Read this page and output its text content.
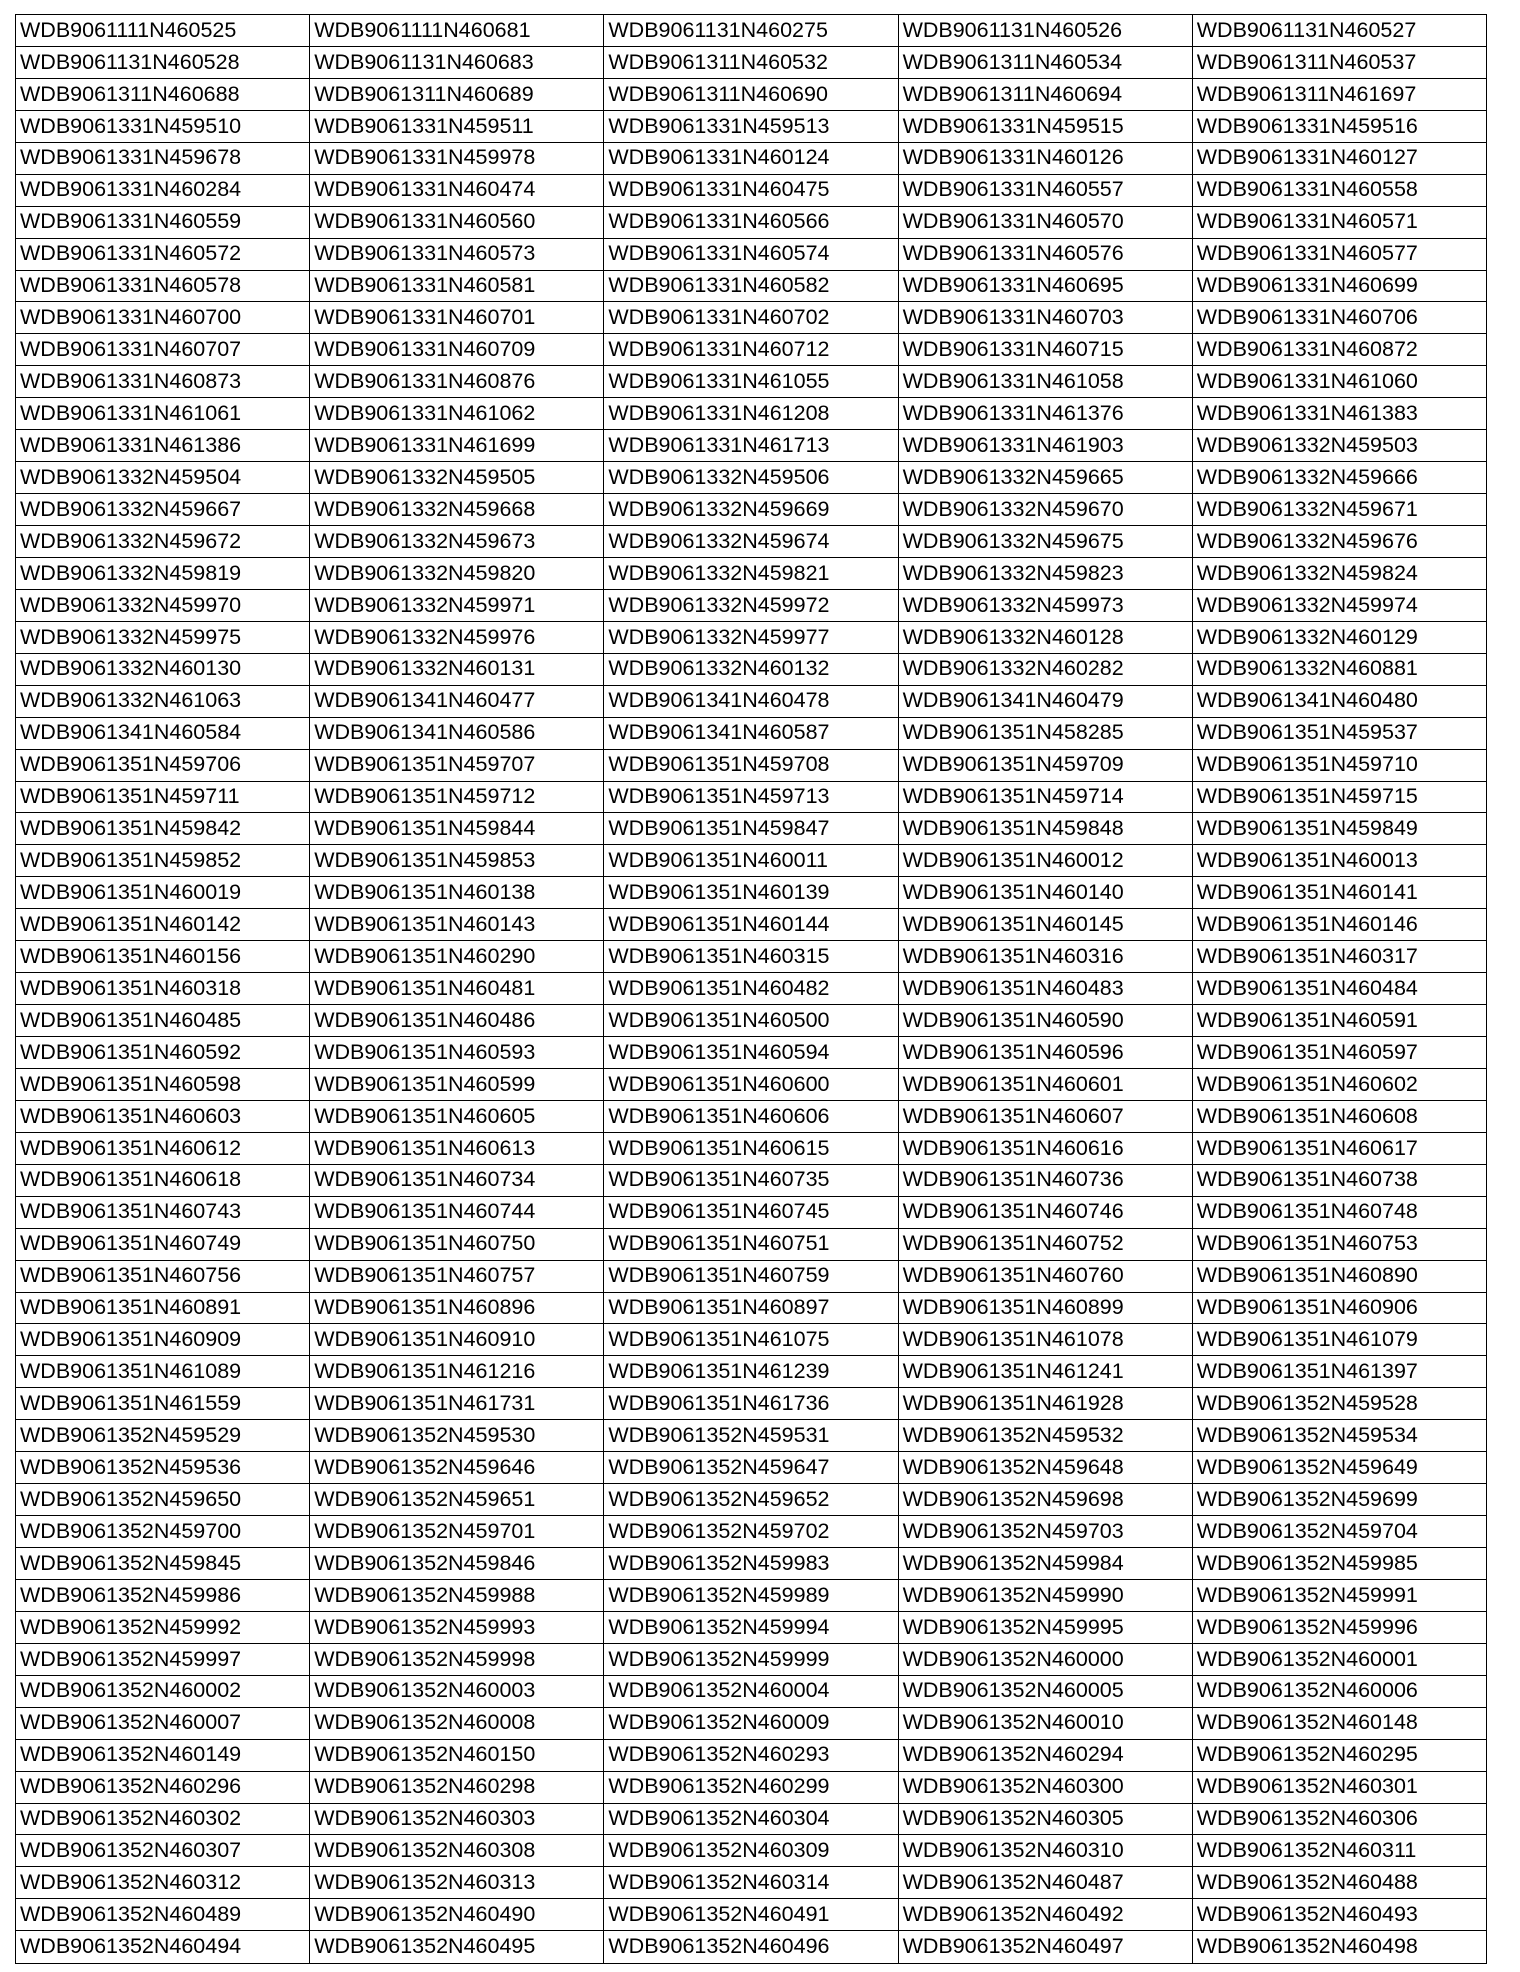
WDB9061111N460525	WDB9061111N460681	WDB9061131N460275	WDB9061131N460526	WDB9061131N460527
WDB9061131N460528	WDB9061131N460683	WDB9061311N460532	WDB9061311N460534	WDB9061311N460537
WDB9061311N460688	WDB9061311N460689	WDB9061311N460690	WDB9061311N460694	WDB9061311N461697
WDB9061331N459510	WDB9061331N459511	WDB9061331N459513	WDB9061331N459515	WDB9061331N459516
WDB9061331N459678	WDB9061331N459978	WDB9061331N460124	WDB9061331N460126	WDB9061331N460127
WDB9061331N460284	WDB9061331N460474	WDB9061331N460475	WDB9061331N460557	WDB9061331N460558
WDB9061331N460559	WDB9061331N460560	WDB9061331N460566	WDB9061331N460570	WDB9061331N460571
WDB9061331N460572	WDB9061331N460573	WDB9061331N460574	WDB9061331N460576	WDB9061331N460577
WDB9061331N460578	WDB9061331N460581	WDB9061331N460582	WDB9061331N460695	WDB9061331N460699
WDB9061331N460700	WDB9061331N460701	WDB9061331N460702	WDB9061331N460703	WDB9061331N460706
WDB9061331N460707	WDB9061331N460709	WDB9061331N460712	WDB9061331N460715	WDB9061331N460872
WDB9061331N460873	WDB9061331N460876	WDB9061331N461055	WDB9061331N461058	WDB9061331N461060
WDB9061331N461061	WDB9061331N461062	WDB9061331N461208	WDB9061331N461376	WDB9061331N461383
WDB9061331N461386	WDB9061331N461699	WDB9061331N461713	WDB9061331N461903	WDB9061332N459503
WDB9061332N459504	WDB9061332N459505	WDB9061332N459506	WDB9061332N459665	WDB9061332N459666
WDB9061332N459667	WDB9061332N459668	WDB9061332N459669	WDB9061332N459670	WDB9061332N459671
WDB9061332N459672	WDB9061332N459673	WDB9061332N459674	WDB9061332N459675	WDB9061332N459676
WDB9061332N459819	WDB9061332N459820	WDB9061332N459821	WDB9061332N459823	WDB9061332N459824
WDB9061332N459970	WDB9061332N459971	WDB9061332N459972	WDB9061332N459973	WDB9061332N459974
WDB9061332N459975	WDB9061332N459976	WDB9061332N459977	WDB9061332N460128	WDB9061332N460129
WDB9061332N460130	WDB9061332N460131	WDB9061332N460132	WDB9061332N460282	WDB9061332N460881
WDB9061332N461063	WDB9061341N460477	WDB9061341N460478	WDB9061341N460479	WDB9061341N460480
WDB9061341N460584	WDB9061341N460586	WDB9061341N460587	WDB9061351N458285	WDB9061351N459537
WDB9061351N459706	WDB9061351N459707	WDB9061351N459708	WDB9061351N459709	WDB9061351N459710
WDB9061351N459711	WDB9061351N459712	WDB9061351N459713	WDB9061351N459714	WDB9061351N459715
WDB9061351N459842	WDB9061351N459844	WDB9061351N459847	WDB9061351N459848	WDB9061351N459849
WDB9061351N459852	WDB9061351N459853	WDB9061351N460011	WDB9061351N460012	WDB9061351N460013
WDB9061351N460019	WDB9061351N460138	WDB9061351N460139	WDB9061351N460140	WDB9061351N460141
WDB9061351N460142	WDB9061351N460143	WDB9061351N460144	WDB9061351N460145	WDB9061351N460146
WDB9061351N460156	WDB9061351N460290	WDB9061351N460315	WDB9061351N460316	WDB9061351N460317
WDB9061351N460318	WDB9061351N460481	WDB9061351N460482	WDB9061351N460483	WDB9061351N460484
WDB9061351N460485	WDB9061351N460486	WDB9061351N460500	WDB9061351N460590	WDB9061351N460591
WDB9061351N460592	WDB9061351N460593	WDB9061351N460594	WDB9061351N460596	WDB9061351N460597
WDB9061351N460598	WDB9061351N460599	WDB9061351N460600	WDB9061351N460601	WDB9061351N460602
WDB9061351N460603	WDB9061351N460605	WDB9061351N460606	WDB9061351N460607	WDB9061351N460608
WDB9061351N460612	WDB9061351N460613	WDB9061351N460615	WDB9061351N460616	WDB9061351N460617
WDB9061351N460618	WDB9061351N460734	WDB9061351N460735	WDB9061351N460736	WDB9061351N460738
WDB9061351N460743	WDB9061351N460744	WDB9061351N460745	WDB9061351N460746	WDB9061351N460748
WDB9061351N460749	WDB9061351N460750	WDB9061351N460751	WDB9061351N460752	WDB9061351N460753
WDB9061351N460756	WDB9061351N460757	WDB9061351N460759	WDB9061351N460760	WDB9061351N460890
WDB9061351N460891	WDB9061351N460896	WDB9061351N460897	WDB9061351N460899	WDB9061351N460906
WDB9061351N460909	WDB9061351N460910	WDB9061351N461075	WDB9061351N461078	WDB9061351N461079
WDB9061351N461089	WDB9061351N461216	WDB9061351N461239	WDB9061351N461241	WDB9061351N461397
WDB9061351N461559	WDB9061351N461731	WDB9061351N461736	WDB9061351N461928	WDB9061352N459528
WDB9061352N459529	WDB9061352N459530	WDB9061352N459531	WDB9061352N459532	WDB9061352N459534
WDB9061352N459536	WDB9061352N459646	WDB9061352N459647	WDB9061352N459648	WDB9061352N459649
WDB9061352N459650	WDB9061352N459651	WDB9061352N459652	WDB9061352N459698	WDB9061352N459699
WDB9061352N459700	WDB9061352N459701	WDB9061352N459702	WDB9061352N459703	WDB9061352N459704
WDB9061352N459845	WDB9061352N459846	WDB9061352N459983	WDB9061352N459984	WDB9061352N459985
WDB9061352N459986	WDB9061352N459988	WDB9061352N459989	WDB9061352N459990	WDB9061352N459991
WDB9061352N459992	WDB9061352N459993	WDB9061352N459994	WDB9061352N459995	WDB9061352N459996
WDB9061352N459997	WDB9061352N459998	WDB9061352N459999	WDB9061352N460000	WDB9061352N460001
WDB9061352N460002	WDB9061352N460003	WDB9061352N460004	WDB9061352N460005	WDB9061352N460006
WDB9061352N460007	WDB9061352N460008	WDB9061352N460009	WDB9061352N460010	WDB9061352N460148
WDB9061352N460149	WDB9061352N460150	WDB9061352N460293	WDB9061352N460294	WDB9061352N460295
WDB9061352N460296	WDB9061352N460298	WDB9061352N460299	WDB9061352N460300	WDB9061352N460301
WDB9061352N460302	WDB9061352N460303	WDB9061352N460304	WDB9061352N460305	WDB9061352N460306
WDB9061352N460307	WDB9061352N460308	WDB9061352N460309	WDB9061352N460310	WDB9061352N460311
WDB9061352N460312	WDB9061352N460313	WDB9061352N460314	WDB9061352N460487	WDB9061352N460488
WDB9061352N460489	WDB9061352N460490	WDB9061352N460491	WDB9061352N460492	WDB9061352N460493
WDB9061352N460494	WDB9061352N460495	WDB9061352N460496	WDB9061352N460497	WDB9061352N460498
